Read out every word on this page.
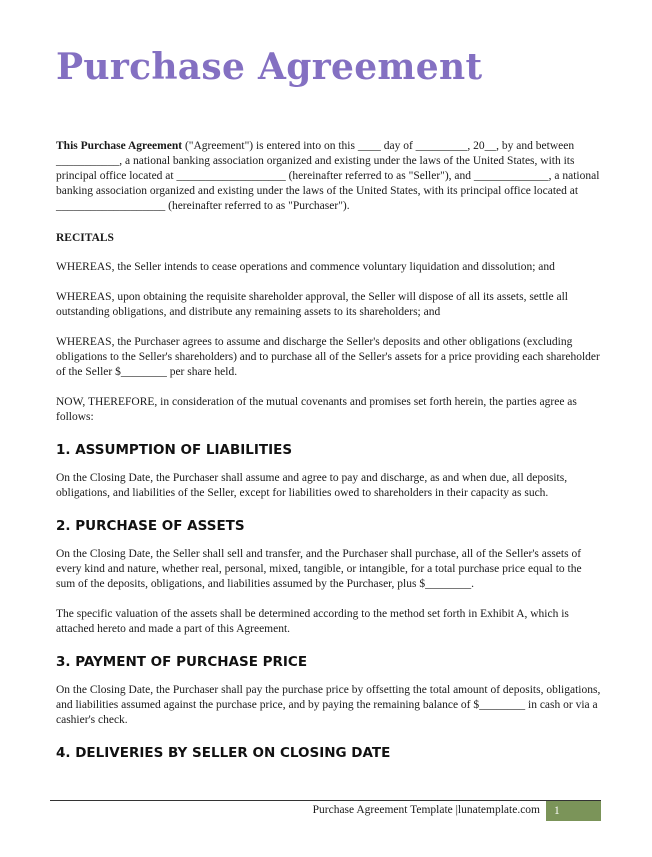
Purchase Agreement

This Purchase Agreement ("Agreement") is entered into on this ____ day of _________, 20__, by and between ___________, a national banking association organized and existing under the laws of the United States, with its principal office located at ___________________ (hereinafter referred to as "Seller"), and _____________, a national banking association organized and existing under the laws of the United States, with its principal office located at ___________________ (hereinafter referred to as "Purchaser").

RECITALS

WHEREAS, the Seller intends to cease operations and commence voluntary liquidation and dissolution; and

WHEREAS, upon obtaining the requisite shareholder approval, the Seller will dispose of all its assets, settle all outstanding obligations, and distribute any remaining assets to its shareholders; and

WHEREAS, the Purchaser agrees to assume and discharge the Seller's deposits and other obligations (excluding obligations to the Seller's shareholders) and to purchase all of the Seller's assets for a price providing each shareholder of the Seller $________ per share held.

NOW, THEREFORE, in consideration of the mutual covenants and promises set forth herein, the parties agree as follows:

1. ASSUMPTION OF LIABILITIES

On the Closing Date, the Purchaser shall assume and agree to pay and discharge, as and when due, all deposits, obligations, and liabilities of the Seller, except for liabilities owed to shareholders in their capacity as such.

2. PURCHASE OF ASSETS

On the Closing Date, the Seller shall sell and transfer, and the Purchaser shall purchase, all of the Seller's assets of every kind and nature, whether real, personal, mixed, tangible, or intangible, for a total purchase price equal to the sum of the deposits, obligations, and liabilities assumed by the Purchaser, plus $________.

The specific valuation of the assets shall be determined according to the method set forth in Exhibit A, which is attached hereto and made a part of this Agreement.

3. PAYMENT OF PURCHASE PRICE

On the Closing Date, the Purchaser shall pay the purchase price by offsetting the total amount of deposits, obligations, and liabilities assumed against the purchase price, and by paying the remaining balance of $________ in cash or via a cashier's check.

4. DELIVERIES BY SELLER ON CLOSING DATE

Purchase Agreement Template |lunatemplate.com	1
